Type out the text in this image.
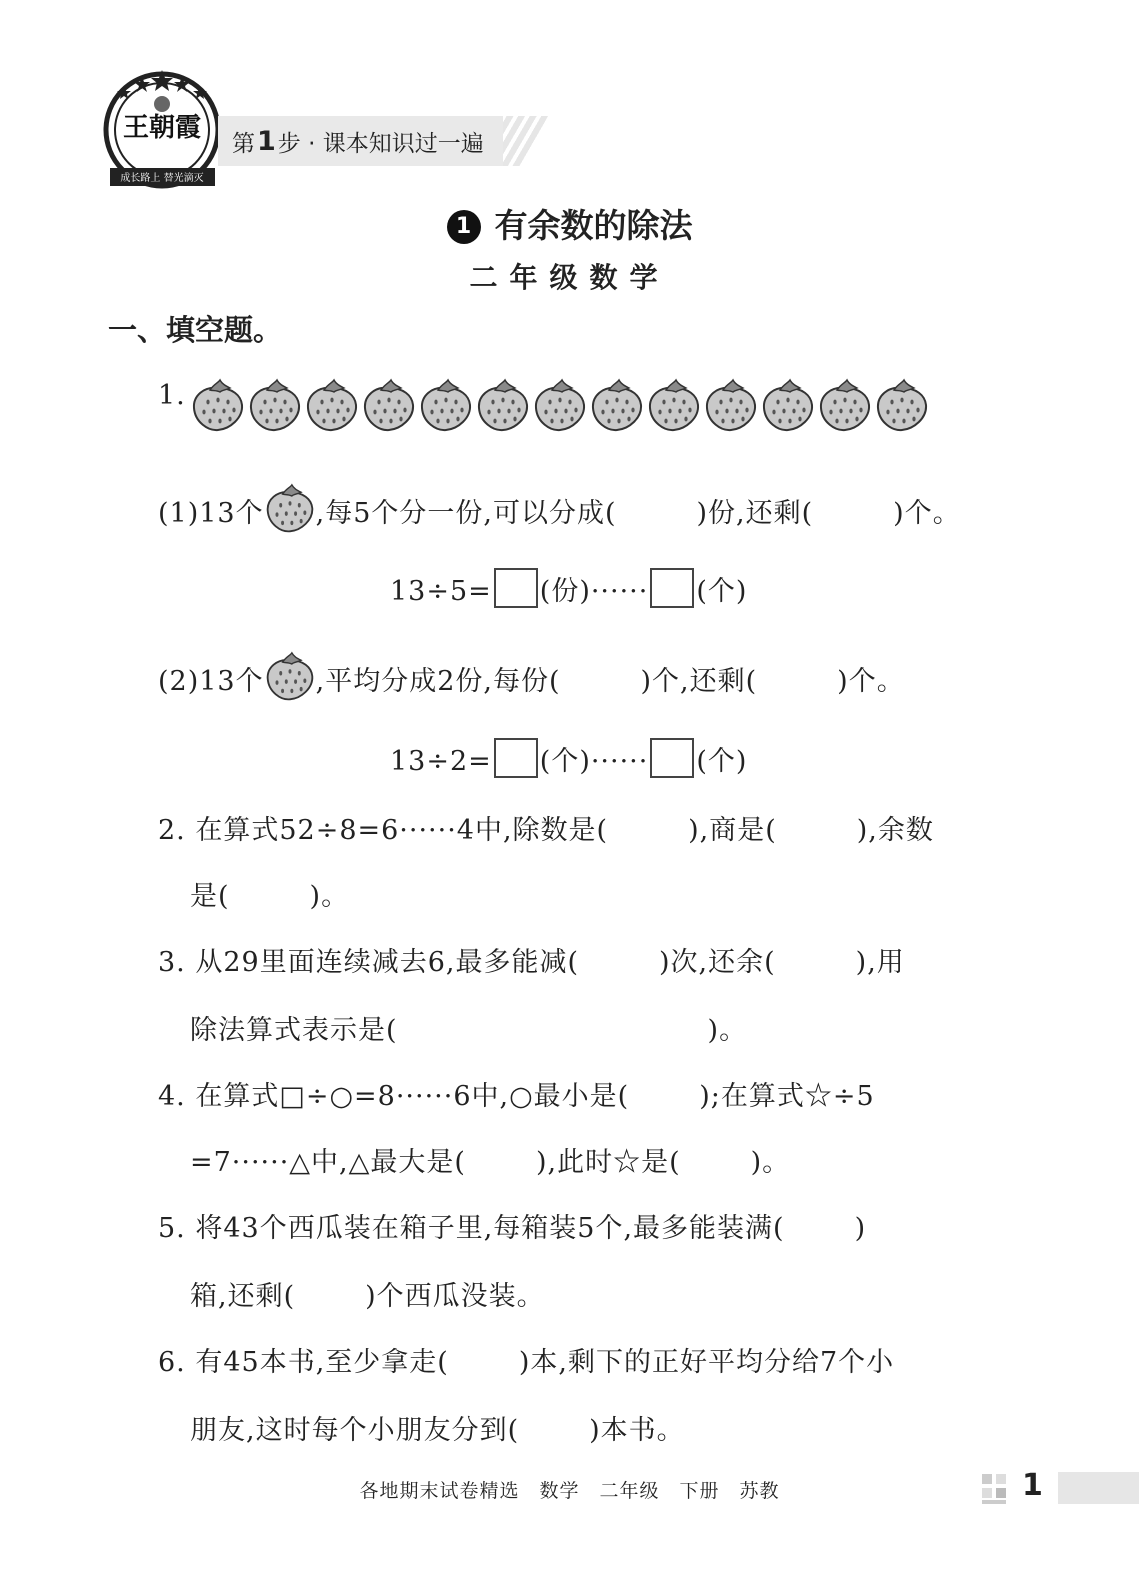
王朝霞
成长路上 替光滴灭
第 1 步 · 课本知识过一遍
1 有余数的除法
二年级数学
一、填空题。
1.
(1)13个 ,每5个分一份,可以分成(	)份,还剩(	)个。
13÷5= (份)······ (个)
(2)13个 ,平均分成2份,每份(	)个,还剩(	)个。
13÷2= (个)······ (个)
2. 在算式52÷8=6······4中,除数是(	),商是(	),余数
是(	)。
3. 从29里面连续减去6,最多能减(	)次,还余(	),用
除法算式表示是(	)。
4. 在算式□÷○=8······6中,○最小是(	);在算式☆÷5
=7······△中,△最大是(	),此时☆是(	)。
5. 将43个西瓜装在箱子里,每箱装5个,最多能装满(	)
箱,还剩(	)个西瓜没装。
6. 有45本书,至少拿走(	)本,剩下的正好平均分给7个小
朋友,这时每个小朋友分到(	)本书。
各地期末试卷精选 数学 二年级 下册 苏教	1
